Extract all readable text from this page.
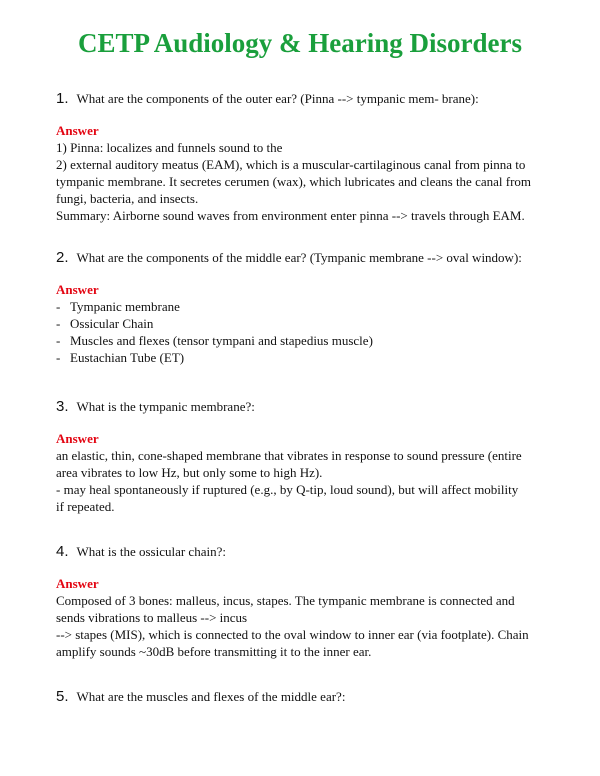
CETP Audiology & Hearing Disorders
1. What are the components of the outer ear? (Pinna --> tympanic mem- brane):
Answer

1) Pinna: localizes and funnels sound to the

2) external auditory meatus (EAM), which is a muscular-cartilaginous canal from pinna to

tympanic membrane. It secretes cerumen (wax), which lubricates and cleans the canal from

fungi, bacteria, and insects.

Summary: Airborne sound waves from environment enter pinna --> travels through EAM.

2. What are the components of the middle ear? (Tympanic membrane --> oval window):
Answer
- Tympanic membrane
- Ossicular Chain
- Muscles and flexes (tensor tympani and stapedius muscle)
- Eustachian Tube (ET)
3. What is the tympanic membrane?:
Answer

an elastic, thin, cone-shaped membrane that vibrates in response to sound pressure (entire

area vibrates to low Hz, but only some to high Hz).

- may heal spontaneously if ruptured (e.g., by Q-tip, loud sound), but will affect mobility

if repeated.

4. What is the ossicular chain?:
Answer

Composed of 3 bones: malleus, incus, stapes. The tympanic membrane is connected and

sends vibrations to malleus --> incus

--> stapes (MIS), which is connected to the oval window to inner ear (via footplate). Chain

amplify sounds ~30dB before transmitting it to the inner ear.

5. What are the muscles and flexes of the middle ear?:
